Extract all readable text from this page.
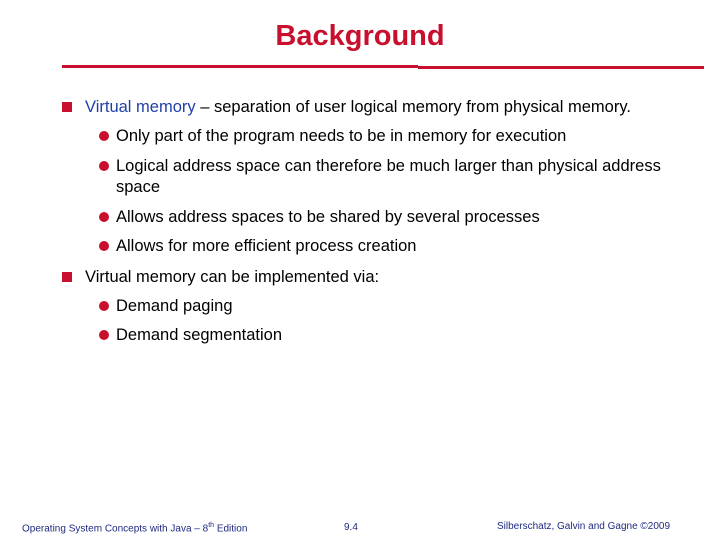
Background
Virtual memory – separation of user logical memory from physical memory.
Only part of the program needs to be in memory for execution
Logical address space can therefore be much larger than physical address space
Allows address spaces to be shared by several processes
Allows for more efficient process creation
Virtual memory can be implemented via:
Demand paging
Demand segmentation
Operating System Concepts with Java – 8th Edition	9.4	Silberschatz, Galvin and Gagne ©2009
